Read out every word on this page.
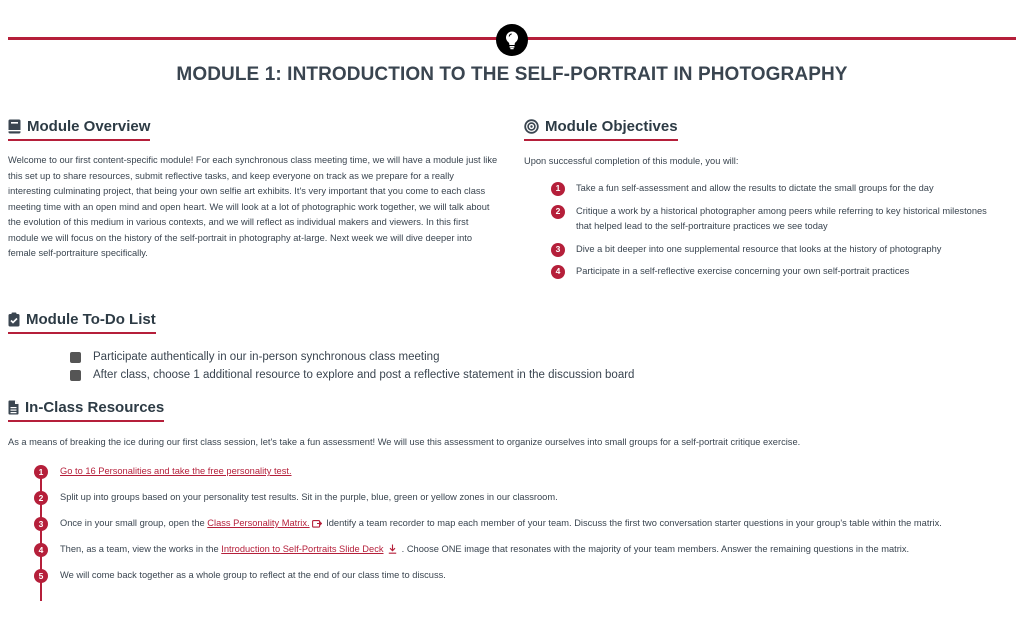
MODULE 1: INTRODUCTION TO THE SELF-PORTRAIT IN PHOTOGRAPHY
Module Overview
Welcome to our first content-specific module! For each synchronous class meeting time, we will have a module just like this set up to share resources, submit reflective tasks, and keep everyone on track as we prepare for a really interesting culminating project, that being your own selfie art exhibits. It's very important that you come to each class meeting time with an open mind and open heart. We will look at a lot of photographic work together, we will talk about the evolution of this medium in various contexts, and we will reflect as individual makers and viewers. In this first module we will focus on the history of the self-portrait in photography at-large. Next week we will dive deeper into female self-portraiture specifically.
Module Objectives
Upon successful completion of this module, you will:
1	Take a fun self-assessment and allow the results to dictate the small groups for the day
2	Critique a work by a historical photographer among peers while referring to key historical milestones that helped lead to the self-portraiture practices we see today
3	Dive a bit deeper into one supplemental resource that looks at the history of photography
4	Participate in a self-reflective exercise concerning your own self-portrait practices
Module To-Do List
Participate authentically in our in-person synchronous class meeting
After class, choose 1 additional resource to explore and post a reflective statement in the discussion board
In-Class Resources
As a means of breaking the ice during our first class session, let's take a fun assessment! We will use this assessment to organize ourselves into small groups for a self-portrait critique exercise.
1	Go to 16 Personalities and take the free personality test.
2	Split up into groups based on your personality test results. Sit in the purple, blue, green or yellow zones in our classroom.
3	Once in your small group, open the Class Personality Matrix. Identify a team recorder to map each member of your team. Discuss the first two conversation starter questions in your group's table within the matrix.
4	Then, as a team, view the works in the Introduction to Self-Portraits Slide Deck  . Choose ONE image that resonates with the majority of your team members. Answer the remaining questions in the matrix.
5	We will come back together as a whole group to reflect at the end of our class time to discuss.
